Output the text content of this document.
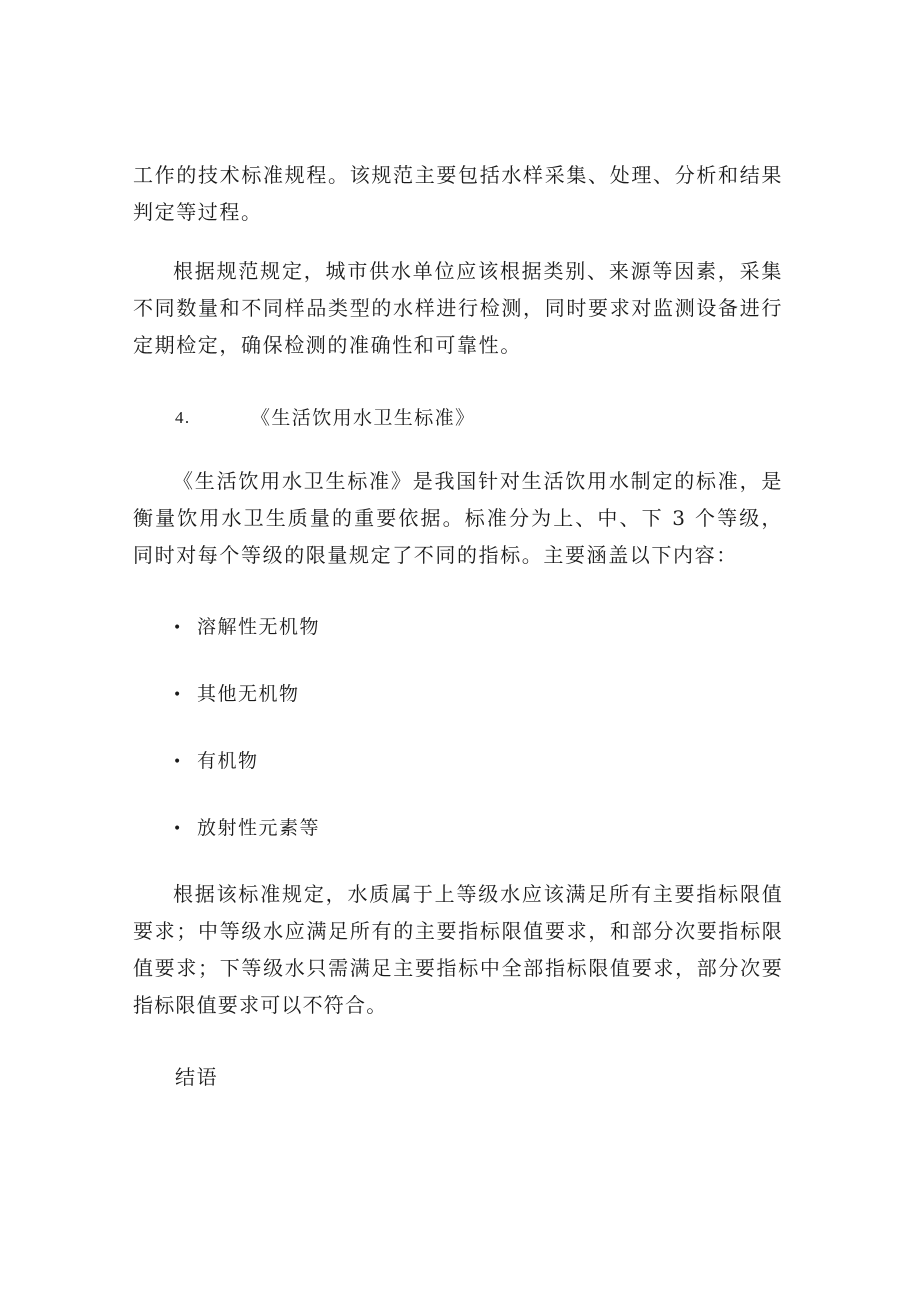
工作的技术标准规程。该规范主要包括水样采集、处理、分析和结果判定等过程。

根据规范规定，城市供水单位应该根据类别、来源等因素，采集不同数量和不同样品类型的水样进行检测，同时要求对监测设备进行定期检定，确保检测的准确性和可靠性。

4.	《生活饮用水卫生标准》

《生活饮用水卫生标准》是我国针对生活饮用水制定的标准，是衡量饮用水卫生质量的重要依据。标准分为上、中、下 3 个等级，同时对每个等级的限量规定了不同的指标。主要涵盖以下内容：

• 溶解性无机物
• 其他无机物
• 有机物
• 放射性元素等

根据该标准规定，水质属于上等级水应该满足所有主要指标限值要求；中等级水应满足所有的主要指标限值要求，和部分次要指标限值要求；下等级水只需满足主要指标中全部指标限值要求，部分次要指标限值要求可以不符合。

结语
